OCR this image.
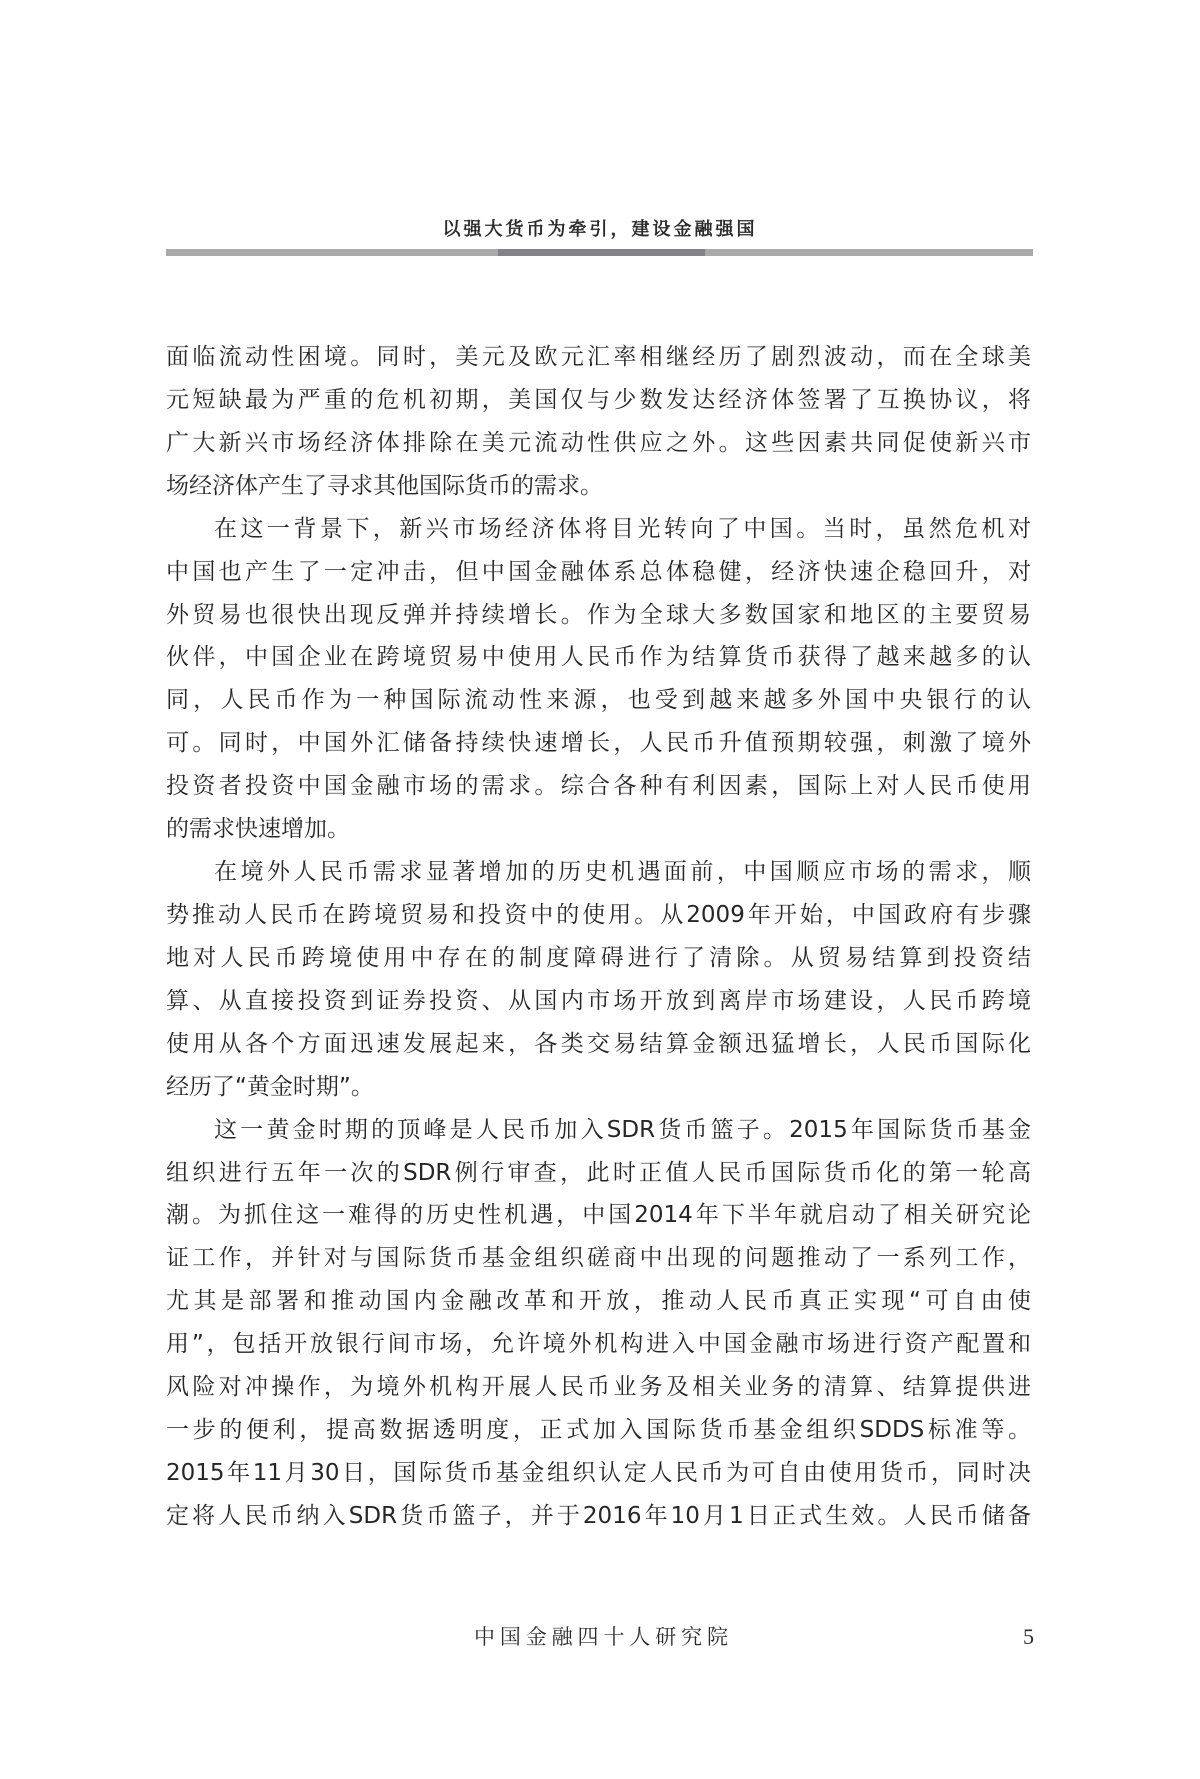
以强大货币为牵引，建设金融强国
面临流动性困境。同时，美元及欧元汇率相继经历了剧烈波动，而在全球美
元短缺最为严重的危机初期，美国仅与少数发达经济体签署了互换协议，将
广大新兴市场经济体排除在美元流动性供应之外。这些因素共同促使新兴市
场经济体产生了寻求其他国际货币的需求。
在这一背景下，新兴市场经济体将目光转向了中国。当时，虽然危机对
中国也产生了一定冲击，但中国金融体系总体稳健，经济快速企稳回升，对
外贸易也很快出现反弹并持续增长。作为全球大多数国家和地区的主要贸易
伙伴，中国企业在跨境贸易中使用人民币作为结算货币获得了越来越多的认
同，人民币作为一种国际流动性来源，也受到越来越多外国中央银行的认
可。同时，中国外汇储备持续快速增长，人民币升值预期较强，刺激了境外
投资者投资中国金融市场的需求。综合各种有利因素，国际上对人民币使用
的需求快速增加。
在境外人民币需求显著增加的历史机遇面前，中国顺应市场的需求，顺
势推动人民币在跨境贸易和投资中的使用。从2009年开始，中国政府有步骤
地对人民币跨境使用中存在的制度障碍进行了清除。从贸易结算到投资结
算、从直接投资到证券投资、从国内市场开放到离岸市场建设，人民币跨境
使用从各个方面迅速发展起来，各类交易结算金额迅猛增长，人民币国际化
经历了“黄金时期”。
这一黄金时期的顶峰是人民币加入SDR货币篮子。2015年国际货币基金
组织进行五年一次的SDR例行审查，此时正值人民币国际货币化的第一轮高
潮。为抓住这一难得的历史性机遇，中国2014年下半年就启动了相关研究论
证工作，并针对与国际货币基金组织磋商中出现的问题推动了一系列工作，
尤其是部署和推动国内金融改革和开放，推动人民币真正实现“可自由使
用”，包括开放银行间市场，允许境外机构进入中国金融市场进行资产配置和
风险对冲操作，为境外机构开展人民币业务及相关业务的清算、结算提供进
一步的便利，提高数据透明度，正式加入国际货币基金组织SDDS标准等。
2015年11月30日，国际货币基金组织认定人民币为可自由使用货币，同时决
定将人民币纳入SDR货币篮子，并于2016年10月1日正式生效。人民币储备
中国金融四十人研究院	5
